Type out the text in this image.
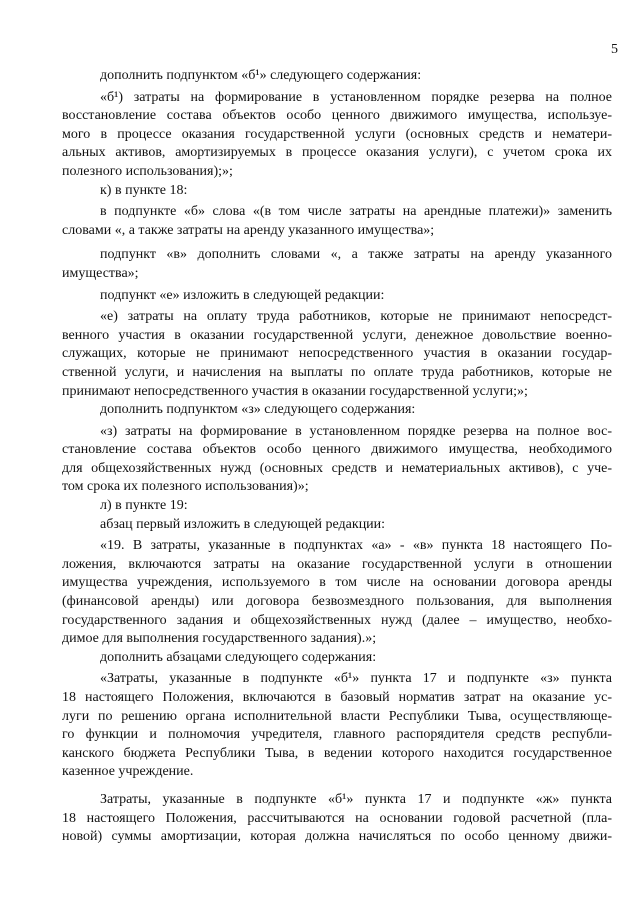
5
дополнить подпунктом «б¹» следующего содержания:
«б¹) затраты на формирование в установленном порядке резерва на полное
восстановление состава объектов особо ценного движимого имущества, используе-
мого в процессе оказания государственной услуги (основных средств и нематери-
альных активов, амортизируемых в процессе оказания услуги), с учетом срока их
полезного использования);»;
к) в пункте 18:
в подпункте «б» слова «(в том числе затраты на арендные платежи)» заменить
словами «, а также затраты на аренду указанного имущества»;
подпункт «в» дополнить словами «, а также затраты на аренду указанного
имущества»;
подпункт «е» изложить в следующей редакции:
«е) затраты на оплату труда работников, которые не принимают непосредст-
венного участия в оказании государственной услуги, денежное довольствие военно-
служащих, которые не принимают непосредственного участия в оказании государ-
ственной услуги, и начисления на выплаты по оплате труда работников, которые не
принимают непосредственного участия в оказании государственной услуги;»;
дополнить подпунктом «з» следующего содержания:
«з) затраты на формирование в установленном порядке резерва на полное вос-
становление состава объектов особо ценного движимого имущества, необходимого
для общехозяйственных нужд (основных средств и нематериальных активов), с уче-
том срока их полезного использования)»;
л) в пункте 19:
абзац первый изложить в следующей редакции:
«19. В затраты, указанные в подпунктах «а» - «в» пункта 18 настоящего По-
ложения, включаются затраты на оказание государственной услуги в отношении
имущества учреждения, используемого в том числе на основании договора аренды
(финансовой аренды) или договора безвозмездного пользования, для выполнения
государственного задания и общехозяйственных нужд (далее – имущество, необхо-
димое для выполнения государственного задания).»;
дополнить абзацами следующего содержания:
«Затраты, указанные в подпункте «б¹» пункта 17 и подпункте «з» пункта
18 настоящего Положения, включаются в базовый норматив затрат на оказание ус-
луги по решению органа исполнительной власти Республики Тыва, осуществляюще-
го функции и полномочия учредителя, главного распорядителя средств республи-
канского бюджета Республики Тыва, в ведении которого находится государственное
казенное учреждение.
Затраты, указанные в подпункте «б¹» пункта 17 и подпункте «ж» пункта
18 настоящего Положения, рассчитываются на основании годовой расчетной (пла-
новой) суммы амортизации, которая должна начисляться по особо ценному движи-
